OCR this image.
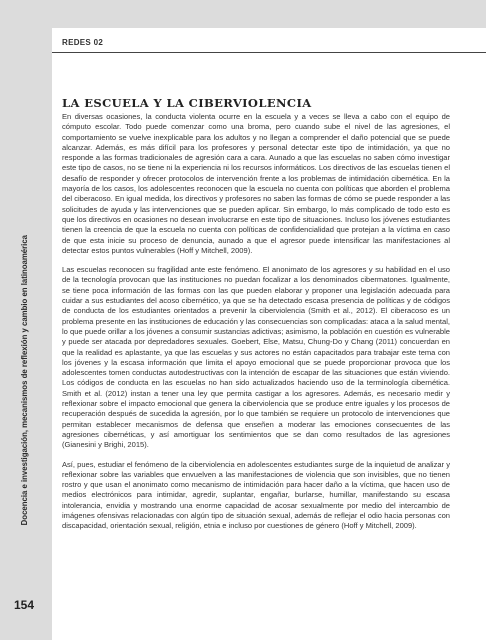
REDES 02
Docencia e investigación, mecanismos de reflexión y cambio en latinoamérica
154
LA ESCUELA Y LA CIBERVIOLENCIA

En diversas ocasiones, la conducta violenta ocurre en la escuela y a veces se lleva a cabo con el equipo de cómputo escolar. Todo puede comenzar como una broma, pero cuando sube el nivel de las agresiones, el comportamiento se vuelve inexplicable para los adultos y no llegan a comprender el daño potencial que se puede alcanzar. Además, es más difícil para los profesores y personal detectar este tipo de intimidación, ya que no responde a las formas tradicionales de agresión cara a cara. Aunado a que las escuelas no saben cómo investigar este tipo de casos, no se tiene ni la experiencia ni los recursos informáticos. Los directivos de las escuelas tienen el desafío de responder y ofrecer protocolos de intervención frente a los problemas de intimidación cibernética. En la mayoría de los casos, los adolescentes reconocen que la escuela no cuenta con políticas que aborden el problema del ciberacoso. En igual medida, los directivos y profesores no saben las formas de cómo se puede responder a las solicitudes de ayuda y las intervenciones que se pueden aplicar. Sin embargo, lo más complicado de todo esto es que los directivos en ocasiones no desean involucrarse en este tipo de situaciones. Incluso los jóvenes estudiantes tienen la creencia de que la escuela no cuenta con políticas de confidencialidad que protejan a la víctima en caso de que esta inicie su proceso de denuncia, aunado a que el agresor puede intensificar las manifestaciones al detectar estos puntos vulnerables (Hoff y Mitchell, 2009).

Las escuelas reconocen su fragilidad ante este fenómeno. El anonimato de los agresores y su habilidad en el uso de la tecnología provocan que las instituciones no puedan focalizar a los denominados cibermatones. Igualmente, se tiene poca información de las formas con las que pueden elaborar y proponer una legislación adecuada para cuidar a sus estudiantes del acoso cibernético, ya que se ha detectado escasa presencia de políticas y de códigos de conducta de los estudiantes orientados a prevenir la ciberviolencia (Smith et al., 2012). El ciberacoso es un problema presente en las instituciones de educación y las consecuencias son complicadas: ataca a la salud mental, lo que puede orillar a los jóvenes a consumir sustancias adictivas; asimismo, la población en cuestión es vulnerable y puede ser atacada por depredadores sexuales. Goebert, Else, Matsu, Chung-Do y Chang (2011) concuerdan en que la realidad es aplastante, ya que las escuelas y sus actores no están capacitados para trabajar este tema con los jóvenes y la escasa información que limita el apoyo emocional que se puede proporcionar provoca que los adolescentes tomen conductas autodestructivas con la intención de escapar de las situaciones que están viviendo. Los códigos de conducta en las escuelas no han sido actualizados haciendo uso de la terminología cibernética. Smith et al. (2012) instan a tener una ley que permita castigar a los agresores. Además, es necesario medir y reflexionar sobre el impacto emocional que genera la ciberviolencia que se produce entre iguales y los procesos de recuperación después de sucedida la agresión, por lo que también se requiere un protocolo de intervenciones que permitan establecer mecanismos de defensa que enseñen a moderar las emociones consecuentes de las agresiones cibernéticas, y así amortiguar los sentimientos que se dan como resultados de las agresiones (Gianesini y Brighi, 2015).

Así, pues, estudiar el fenómeno de la ciberviolencia en adolescentes estudiantes surge de la inquietud de analizar y reflexionar sobre las variables que envuelven a las manifestaciones de violencia que son invisibles, que no tienen rostro y que usan el anonimato como mecanismo de intimidación para hacer daño a la víctima, que hacen uso de medios electrónicos para intimidar, agredir, suplantar, engañar, burlarse, humillar, manifestando su escasa intolerancia, envidia y mostrando una enorme capacidad de acosar sexualmente por medio del intercambio de imágenes ofensivas relacionadas con algún tipo de situación sexual, además de reflejar el odio hacia personas con discapacidad, orientación sexual, religión, etnia e incluso por cuestiones de género (Hoff y Mitchell, 2009).
